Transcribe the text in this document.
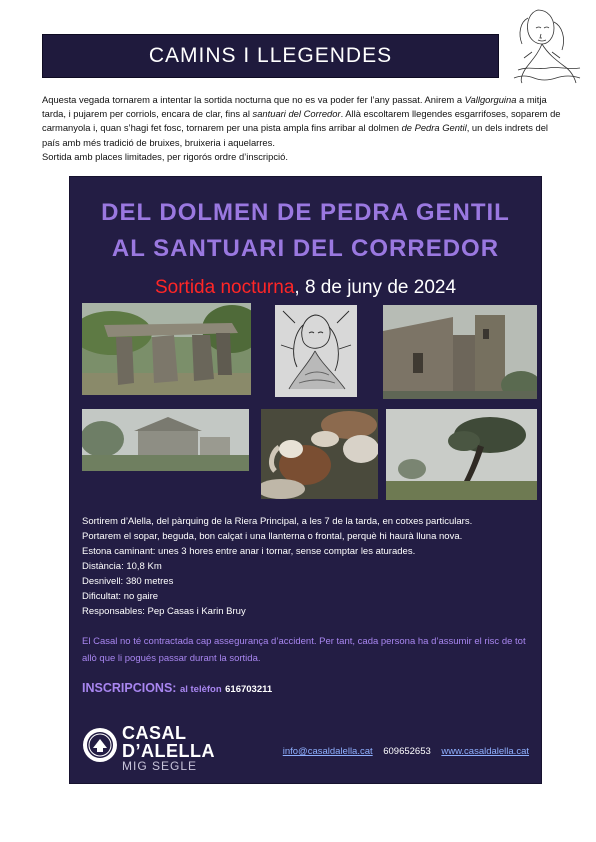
CAMINS I LLEGENDES

Aquesta vegada tornarem a intentar la sortida nocturna que no es va poder fer l’any passat. Anirem a Vallgorguina a mitja tarda, i pujarem per corriols, encara de clar, fins al santuari del Corredor. Allà escoltarem llegendes esgarrifoses, soparem de carmanyola i, quan s’hagi fet fosc, tornarem per una pista ampla fins arribar al dolmen de Pedra Gentil, un dels indrets del país amb més tradició de bruixes, bruixeria i aquelarres.

Sortida amb places limitades, per rigorós ordre d’inscripció.

DEL DOLMEN DE PEDRA GENTIL
AL SANTUARI DEL CORREDOR
Sortida nocturna, 8 de juny de 2024
Sortirem d’Alella, del pàrquing de la Riera Principal, a les 7 de la tarda, en cotxes particulars.
Portarem el sopar, beguda, bon calçat i una llanterna o frontal, perquè hi haurà lluna nova.
Estona caminant: unes 3 hores entre anar i tornar, sense comptar les aturades.
Distància: 10,8 Km
Desnivell: 380 metres
Dificultat: no gaire
Responsables: Pep Casas i Karin Bruy
El Casal no té contractada cap assegurança d’accident. Per tant, cada persona ha d’assumir el risc de tot allò que li pogués passar durant la sortida.
INSCRIPCIONS: al telèfon 616703211
CASAL
D’ALELLA
MIG SEGLE
info@casaldalella.cat 609652653 www.casaldalella.cat
